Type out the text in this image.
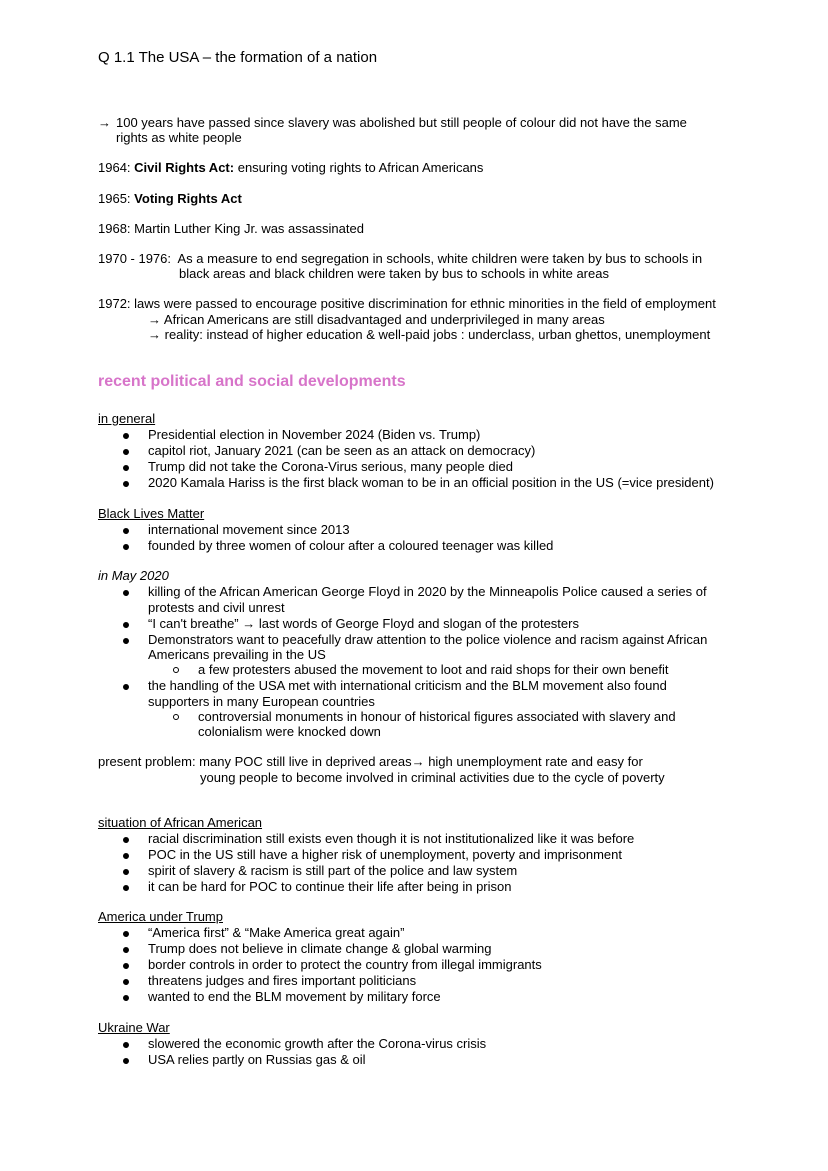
Q 1.1 The USA – the formation of a nation
→ 100 years have passed since slavery was abolished but still people of colour did not have the same
rights as white people
1964: Civil Rights Act: ensuring voting rights to African Americans
1965: Voting Rights Act
1968: Martin Luther King Jr. was assassinated
1970 - 1976:  As a measure to end segregation in schools, white children were taken by bus to schools in
black areas and black children were taken by bus to schools in white areas
1972: laws were passed to encourage positive discrimination for ethnic minorities in the field of employment
→ African Americans are still disadvantaged and underprivileged in many areas
→ reality: instead of higher education & well-paid jobs : underclass, urban ghettos, unemployment
recent political and social developments
in general
Presidential election in November 2024 (Biden vs. Trump)
capitol riot, January 2021 (can be seen as an attack on democracy)
Trump did not take the Corona-Virus serious, many people died
2020 Kamala Hariss is the first black woman to be in an official position in the US (=vice president)
Black Lives Matter
international movement since 2013
founded by three women of colour after a coloured teenager was killed
in May 2020
killing of the African American George Floyd in 2020 by the Minneapolis Police caused a series of
protests and civil unrest
“I can't breathe” → last words of George Floyd and slogan of the protesters
Demonstrators want to peacefully draw attention to the police violence and racism against African
Americans prevailing in the US
a few protesters abused the movement to loot and raid shops for their own benefit
the handling of the USA met with international criticism and the BLM movement also found
supporters in many European countries
controversial monuments in honour of historical figures associated with slavery and
colonialism were knocked down
present problem: many POC still live in deprived areas→ high unemployment rate and easy for
young people to become involved in criminal activities due to the cycle of poverty
situation of African American
racial discrimination still exists even though it is not institutionalized like it was before
POC in the US still have a higher risk of unemployment, poverty and imprisonment
spirit of slavery & racism is still part of the police and law system
it can be hard for POC to continue their life after being in prison
America under Trump
“America first” & “Make America great again”
Trump does not believe in climate change & global warming
border controls in order to protect the country from illegal immigrants
threatens judges and fires important politicians
wanted to end the BLM movement by military force
Ukraine War
slowered the economic growth after the Corona-virus crisis
USA relies partly on Russias gas & oil
